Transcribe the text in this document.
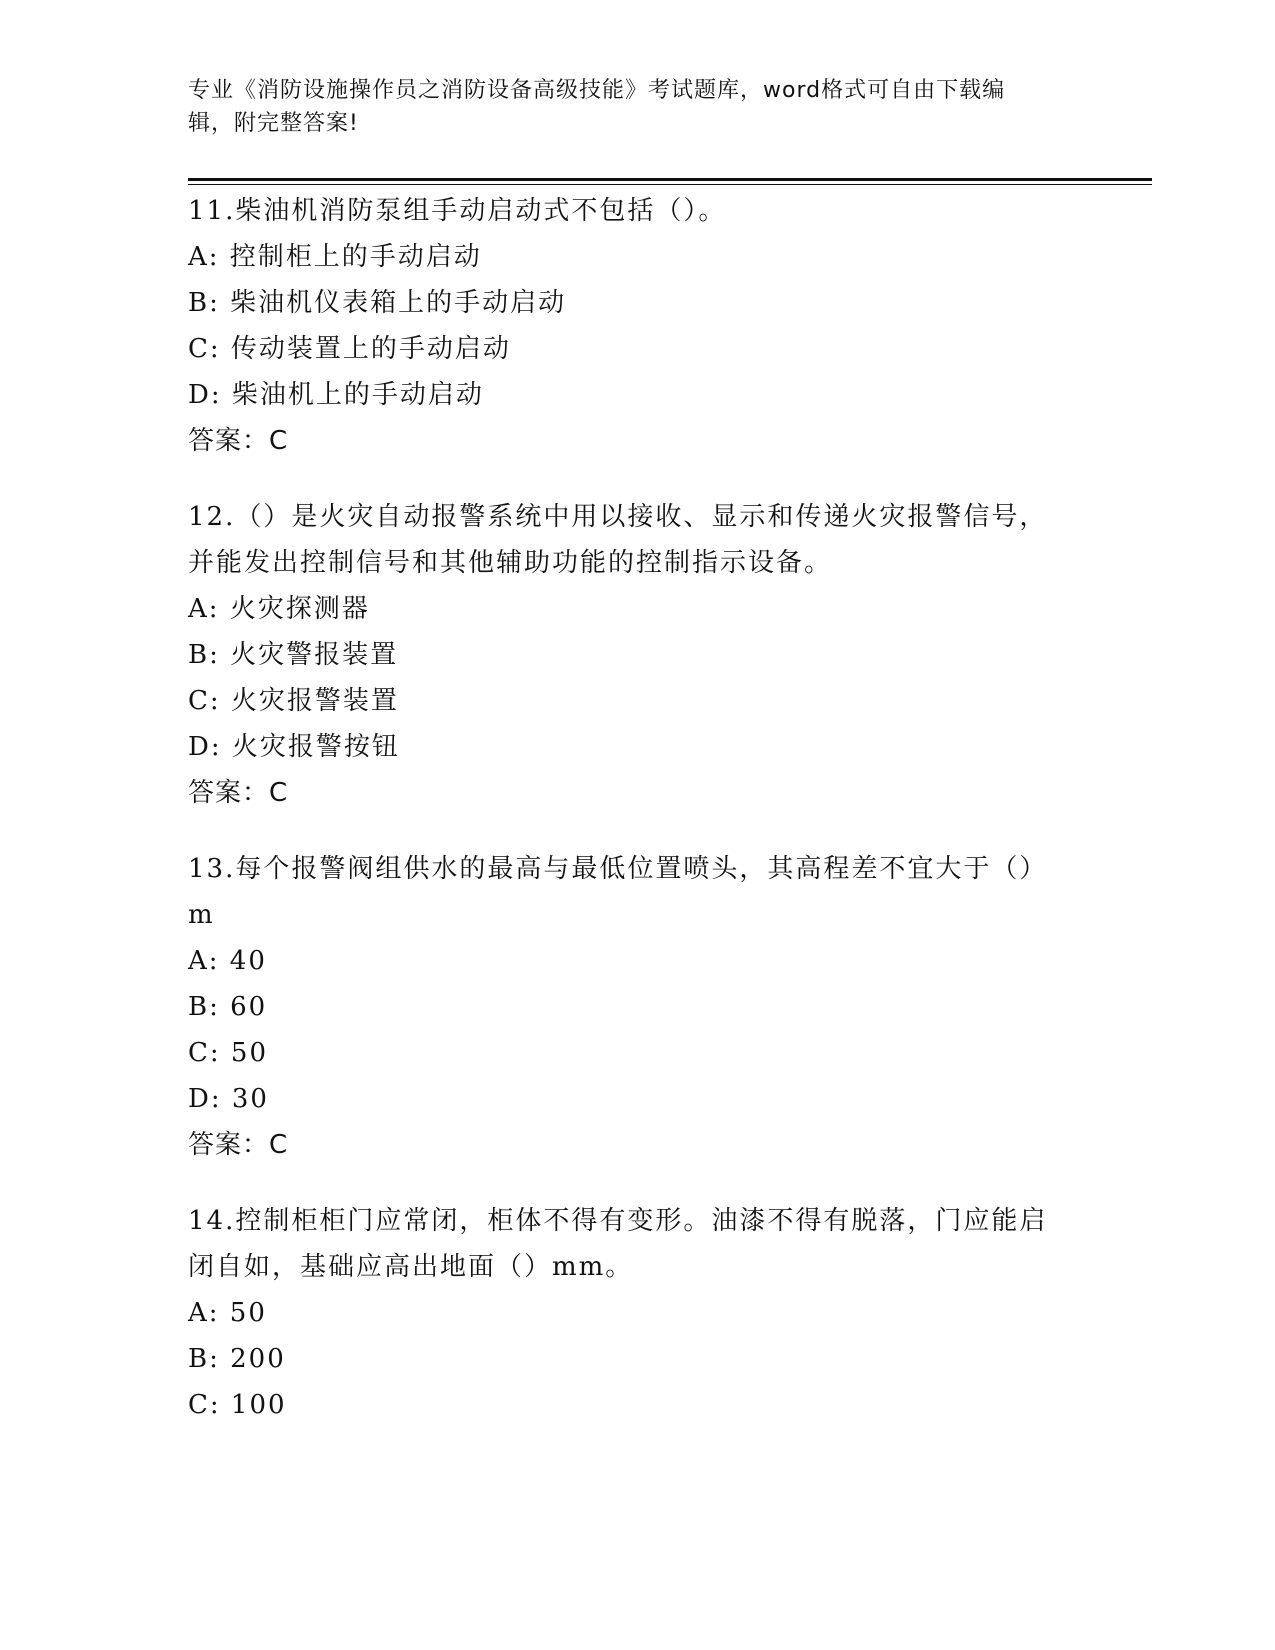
专业《消防设施操作员之消防设备高级技能》考试题库，word格式可自由下载编
辑，附完整答案!
11.柴油机消防泵组手动启动式不包括（）。
A: 控制柜上的手动启动
B: 柴油机仪表箱上的手动启动
C: 传动装置上的手动启动
D: 柴油机上的手动启动
答案：C
12.（）是火灾自动报警系统中用以接收、显示和传递火灾报警信号，
并能发出控制信号和其他辅助功能的控制指示设备。
A: 火灾探测器
B: 火灾警报装置
C: 火灾报警装置
D: 火灾报警按钮
答案：C
13.每个报警阀组供水的最高与最低位置喷头，其高程差不宜大于（）
m
A: 40
B: 60
C: 50
D: 30
答案：C
14.控制柜柜门应常闭，柜体不得有变形。油漆不得有脱落，门应能启
闭自如，基础应高出地面（）mm。
A: 50
B: 200
C: 100
